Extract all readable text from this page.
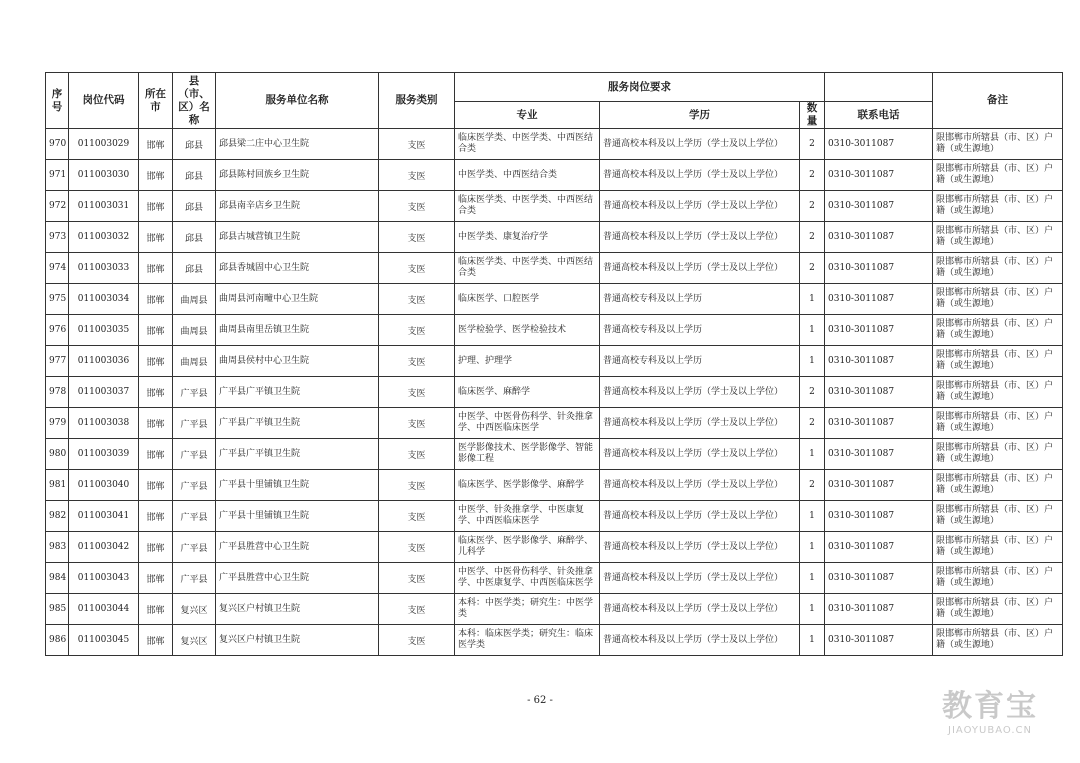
序号	岗位代码	所在市	县（市、区）名称	服务单位名称	服务类别	服务岗位要求				备注
						专业	学历	数量	联系电话	
970	011003029	邯郸	邱县	邱县梁二庄中心卫生院	支医	临床医学类、中医学类、中西医结合类	普通高校本科及以上学历（学士及以上学位）	2	0310-3011087	限邯郸市所辖县（市、区）户籍（或生源地）
971	011003030	邯郸	邱县	邱县陈村回族乡卫生院	支医	中医学类、中西医结合类	普通高校本科及以上学历（学士及以上学位）	2	0310-3011087	限邯郸市所辖县（市、区）户籍（或生源地）
972	011003031	邯郸	邱县	邱县南辛店乡卫生院	支医	临床医学类、中医学类、中西医结合类	普通高校本科及以上学历（学士及以上学位）	2	0310-3011087	限邯郸市所辖县（市、区）户籍（或生源地）
973	011003032	邯郸	邱县	邱县古城营镇卫生院	支医	中医学类、康复治疗学	普通高校本科及以上学历（学士及以上学位）	2	0310-3011087	限邯郸市所辖县（市、区）户籍（或生源地）
974	011003033	邯郸	邱县	邱县香城固中心卫生院	支医	临床医学类、中医学类、中西医结合类	普通高校本科及以上学历（学士及以上学位）	2	0310-3011087	限邯郸市所辖县（市、区）户籍（或生源地）
975	011003034	邯郸	曲周县	曲周县河南疃中心卫生院	支医	临床医学、口腔医学	普通高校专科及以上学历	1	0310-3011087	限邯郸市所辖县（市、区）户籍（或生源地）
976	011003035	邯郸	曲周县	曲周县南里岳镇卫生院	支医	医学检验学、医学检验技术	普通高校专科及以上学历	1	0310-3011087	限邯郸市所辖县（市、区）户籍（或生源地）
977	011003036	邯郸	曲周县	曲周县侯村中心卫生院	支医	护理、护理学	普通高校专科及以上学历	1	0310-3011087	限邯郸市所辖县（市、区）户籍（或生源地）
978	011003037	邯郸	广平县	广平县广平镇卫生院	支医	临床医学、麻醉学	普通高校本科及以上学历（学士及以上学位）	2	0310-3011087	限邯郸市所辖县（市、区）户籍（或生源地）
979	011003038	邯郸	广平县	广平县广平镇卫生院	支医	中医学、中医骨伤科学、针灸推拿学、中西医临床医学	普通高校本科及以上学历（学士及以上学位）	2	0310-3011087	限邯郸市所辖县（市、区）户籍（或生源地）
980	011003039	邯郸	广平县	广平县广平镇卫生院	支医	医学影像技术、医学影像学、智能影像工程	普通高校本科及以上学历（学士及以上学位）	1	0310-3011087	限邯郸市所辖县（市、区）户籍（或生源地）
981	011003040	邯郸	广平县	广平县十里铺镇卫生院	支医	临床医学、医学影像学、麻醉学	普通高校本科及以上学历（学士及以上学位）	2	0310-3011087	限邯郸市所辖县（市、区）户籍（或生源地）
982	011003041	邯郸	广平县	广平县十里铺镇卫生院	支医	中医学、针灸推拿学、中医康复学、中西医临床医学	普通高校本科及以上学历（学士及以上学位）	1	0310-3011087	限邯郸市所辖县（市、区）户籍（或生源地）
983	011003042	邯郸	广平县	广平县胜营中心卫生院	支医	临床医学、医学影像学、麻醉学、儿科学	普通高校本科及以上学历（学士及以上学位）	1	0310-3011087	限邯郸市所辖县（市、区）户籍（或生源地）
984	011003043	邯郸	广平县	广平县胜营中心卫生院	支医	中医学、中医骨伤科学、针灸推拿学、中医康复学、中西医临床医学	普通高校本科及以上学历（学士及以上学位）	1	0310-3011087	限邯郸市所辖县（市、区）户籍（或生源地）
985	011003044	邯郸	复兴区	复兴区户村镇卫生院	支医	本科：中医学类；研究生：中医学类	普通高校本科及以上学历（学士及以上学位）	1	0310-3011087	限邯郸市所辖县（市、区）户籍（或生源地）
986	011003045	邯郸	复兴区	复兴区户村镇卫生院	支医	本科：临床医学类；研究生：临床医学类	普通高校本科及以上学历（学士及以上学位）	1	0310-3011087	限邯郸市所辖县（市、区）户籍（或生源地）
- 62 -	教育宝
JIAOYUBAO.CN
